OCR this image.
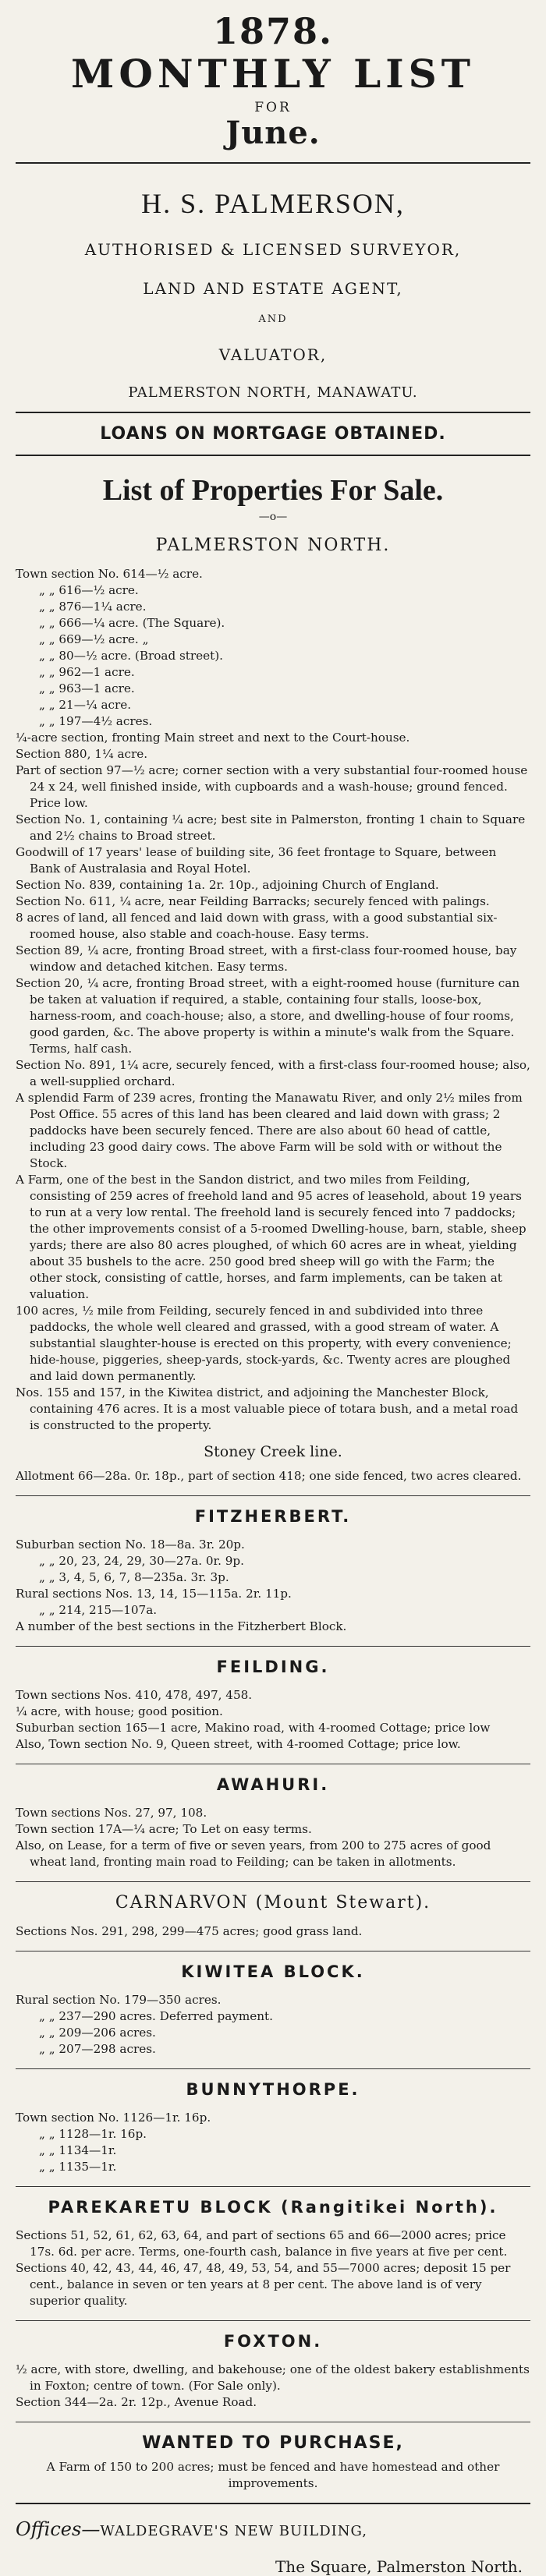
1878.
MONTHLY LIST
FOR
June.
H. S. PALMERSON,
AUTHORISED & LICENSED SURVEYOR,
LAND AND ESTATE AGENT,
AND
VALUATOR,
PALMERSTON NORTH, MANAWATU.
LOANS ON MORTGAGE OBTAINED.
List of Properties For Sale.
—o—
PALMERSTON NORTH.

Town section No. 614—½ acre.

„ „ 616—½ acre.

„ „ 876—1¼ acre.

„ „ 666—¼ acre. (The Square).

„ „ 669—½ acre. „

„ „ 80—½ acre. (Broad street).

„ „ 962—1 acre.

„ „ 963—1 acre.

„ „ 21—¼ acre.

„ „ 197—4½ acres.

¼-acre section, fronting Main street and next to the Court-house.

Section 880, 1¼ acre.

Part of section 97—½ acre; corner section with a very substantial four-roomed house 24 x 24, well finished inside, with cupboards and a wash-house; ground fenced. Price low.

Section No. 1, containing ¼ acre; best site in Palmerston, fronting 1 chain to Square and 2½ chains to Broad street.

Goodwill of 17 years' lease of building site, 36 feet frontage to Square, between Bank of Australasia and Royal Hotel.

Section No. 839, containing 1a. 2r. 10p., adjoining Church of England.

Section No. 611, ¼ acre, near Feilding Barracks; securely fenced with palings.

8 acres of land, all fenced and laid down with grass, with a good substantial six-roomed house, also stable and coach-house. Easy terms.

Section 89, ¼ acre, fronting Broad street, with a first-class four-roomed house, bay window and detached kitchen. Easy terms.

Section 20, ¼ acre, fronting Broad street, with a eight-roomed house (furniture can be taken at valuation if required, a stable, containing four stalls, loose-box, harness-room, and coach-house; also, a store, and dwelling-house of four rooms, good garden, &c. The above property is within a minute's walk from the Square. Terms, half cash.

Section No. 891, 1¼ acre, securely fenced, with a first-class four-roomed house; also, a well-supplied orchard.

A splendid Farm of 239 acres, fronting the Manawatu River, and only 2½ miles from Post Office. 55 acres of this land has been cleared and laid down with grass; 2 paddocks have been securely fenced. There are also about 60 head of cattle, including 23 good dairy cows. The above Farm will be sold with or without the Stock.

A Farm, one of the best in the Sandon district, and two miles from Feilding, consisting of 259 acres of freehold land and 95 acres of leasehold, about 19 years to run at a very low rental. The freehold land is securely fenced into 7 paddocks; the other improvements consist of a 5-roomed Dwelling-house, barn, stable, sheep yards; there are also 80 acres ploughed, of which 60 acres are in wheat, yielding about 35 bushels to the acre. 250 good bred sheep will go with the Farm; the other stock, consisting of cattle, horses, and farm implements, can be taken at valuation.

100 acres, ½ mile from Feilding, securely fenced in and subdivided into three paddocks, the whole well cleared and grassed, with a good stream of water. A substantial slaughter-house is erected on this property, with every convenience; hide-house, piggeries, sheep-yards, stock-yards, &c. Twenty acres are ploughed and laid down permanently.

Nos. 155 and 157, in the Kiwitea district, and adjoining the Manchester Block, containing 476 acres. It is a most valuable piece of totara bush, and a metal road is constructed to the property.

Stoney Creek line.

Allotment 66—28a. 0r. 18p., part of section 418; one side fenced, two acres cleared.

FITZHERBERT.

Suburban section No. 18—8a. 3r. 20p.

„ „ 20, 23, 24, 29, 30—27a. 0r. 9p.

„ „ 3, 4, 5, 6, 7, 8—235a. 3r. 3p.

Rural sections Nos. 13, 14, 15—115a. 2r. 11p.

„ „ 214, 215—107a.

A number of the best sections in the Fitzherbert Block.

FEILDING.

Town sections Nos. 410, 478, 497, 458.

¼ acre, with house; good position.

Suburban section 165—1 acre, Makino road, with 4-roomed Cottage; price low

Also, Town section No. 9, Queen street, with 4-roomed Cottage; price low.

AWAHURI.

Town sections Nos. 27, 97, 108.

Town section 17A—¼ acre; To Let on easy terms.

Also, on Lease, for a term of five or seven years, from 200 to 275 acres of good wheat land, fronting main road to Feilding; can be taken in allotments.

CARNARVON (Mount Stewart).

Sections Nos. 291, 298, 299—475 acres; good grass land.

KIWITEA BLOCK.

Rural section No. 179—350 acres.

„ „ 237—290 acres. Deferred payment.

„ „ 209—206 acres.

„ „ 207—298 acres.

BUNNYTHORPE.

Town section No. 1126—1r. 16p.

„ „ 1128—1r. 16p.

„ „ 1134—1r.

„ „ 1135—1r.

PAREKARETU BLOCK (Rangitikei North).

Sections 51, 52, 61, 62, 63, 64, and part of sections 65 and 66—2000 acres; price 17s. 6d. per acre. Terms, one-fourth cash, balance in five years at five per cent.

Sections 40, 42, 43, 44, 46, 47, 48, 49, 53, 54, and 55—7000 acres; deposit 15 per cent., balance in seven or ten years at 8 per cent. The above land is of very superior quality.

FOXTON.

½ acre, with store, dwelling, and bakehouse; one of the oldest bakery establishments in Foxton; centre of town. (For Sale only).

Section 344—2a. 2r. 12p., Avenue Road.

WANTED TO PURCHASE,

A Farm of 150 to 200 acres; must be fenced and have homestead and other improvements.

Offices—WALDEGRAVE'S NEW BUILDING,
The Square, Palmerston North.
